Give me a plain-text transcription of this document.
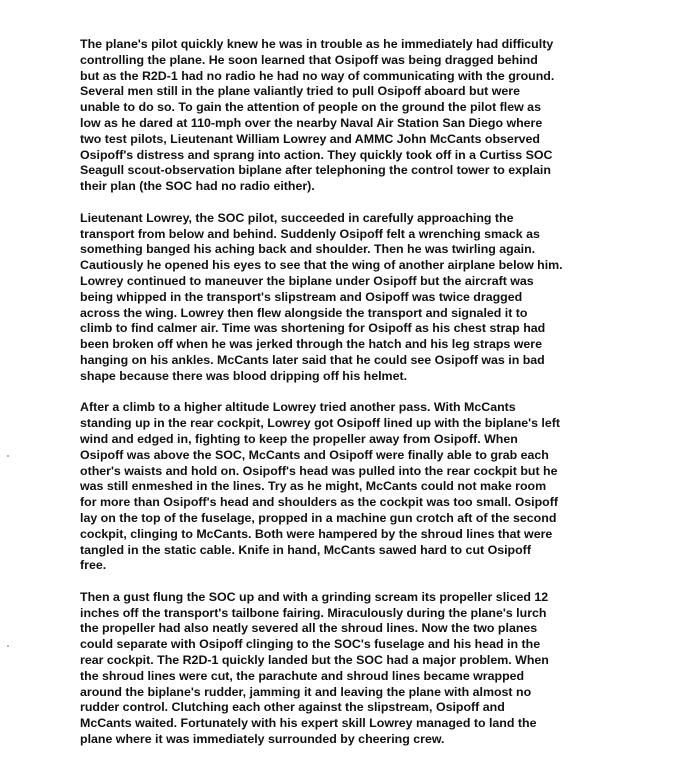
The plane's pilot quickly knew he was in trouble as he immediately had difficulty
controlling the plane. He soon learned that Osipoff was being dragged behind
but as the R2D-1 had no radio he had no way of communicating with the ground.
Several men still in the plane valiantly tried to pull Osipoff aboard but were
unable to do so. To gain the attention of people on the ground the pilot flew as
low as he dared at 110-mph over the nearby Naval Air Station San Diego where
two test pilots, Lieutenant William Lowrey and AMMC John McCants observed
Osipoff's distress and sprang into action. They quickly took off in a Curtiss SOC
Seagull scout-observation biplane after telephoning the control tower to explain
their plan (the SOC had no radio either).

Lieutenant Lowrey, the SOC pilot, succeeded in carefully approaching the
transport from below and behind. Suddenly Osipoff felt a wrenching smack as
something banged his aching back and shoulder. Then he was twirling again.
Cautiously he opened his eyes to see that the wing of another airplane below him.
Lowrey continued to maneuver the biplane under Osipoff but the aircraft was
being whipped in the transport's slipstream and Osipoff was twice dragged
across the wing. Lowrey then flew alongside the transport and signaled it to
climb to find calmer air. Time was shortening for Osipoff as his chest strap had
been broken off when he was jerked through the hatch and his leg straps were
hanging on his ankles. McCants later said that he could see Osipoff was in bad
shape because there was blood dripping off his helmet.

After a climb to a higher altitude Lowrey tried another pass. With McCants
standing up in the rear cockpit, Lowrey got Osipoff lined up with the biplane's left
wind and edged in, fighting to keep the propeller away from Osipoff. When
Osipoff was above the SOC, McCants and Osipoff were finally able to grab each
other's waists and hold on. Osipoff's head was pulled into the rear cockpit but he
was still enmeshed in the lines. Try as he might, McCants could not make room
for more than Osipoff's head and shoulders as the cockpit was too small. Osipoff
lay on the top of the fuselage, propped in a machine gun crotch aft of the second
cockpit, clinging to McCants. Both were hampered by the shroud lines that were
tangled in the static cable. Knife in hand, McCants sawed hard to cut Osipoff
free.

Then a gust flung the SOC up and with a grinding scream its propeller sliced 12
inches off the transport's tailbone fairing. Miraculously during the plane's lurch
the propeller had also neatly severed all the shroud lines. Now the two planes
could separate with Osipoff clinging to the SOC's fuselage and his head in the
rear cockpit. The R2D-1 quickly landed but the SOC had a major problem. When
the shroud lines were cut, the parachute and shroud lines became wrapped
around the biplane's rudder, jamming it and leaving the plane with almost no
rudder control. Clutching each other against the slipstream, Osipoff and
McCants waited. Fortunately with his expert skill Lowrey managed to land the
plane where it was immediately surrounded by cheering crew.
